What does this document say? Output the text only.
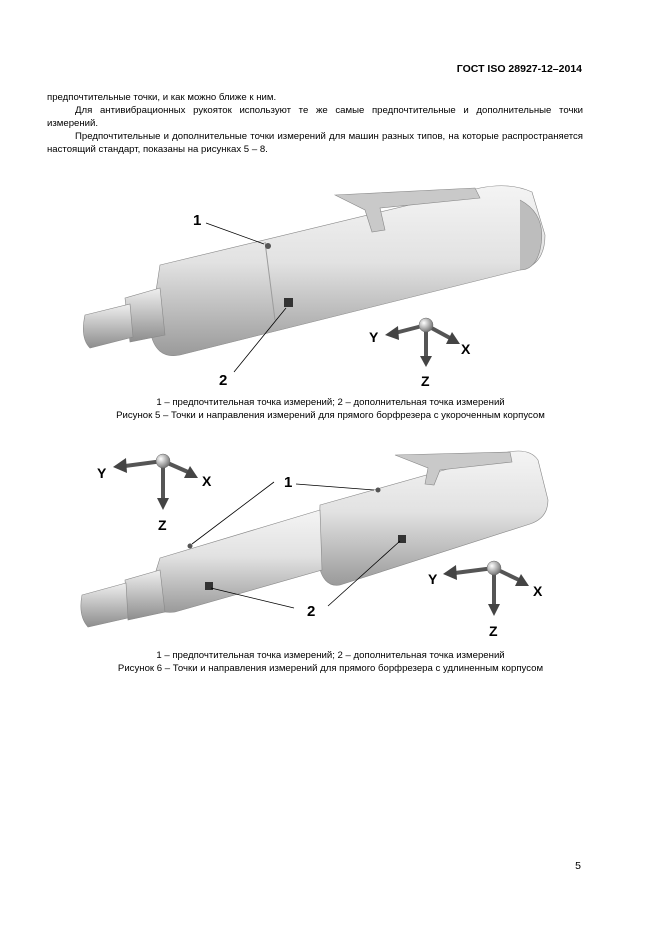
ГОСТ ISO 28927-12–2014

предпочтительные точки, и как можно ближе к ним.

Для антивибрационных рукояток используют те же самые предпочтительные и дополнительные точки измерений.

Предпочтительные и дополнительные точки измерений для машин разных типов, на которые распространяется настоящий стандарт, показаны на рисунках 5 – 8.

1
2
Y
X
Z

1 – предпочтительная точка измерений; 2 – дополнительная точка измерений

Рисунок 5 – Точки и направления измерений для прямого борфрезера с укороченным корпусом

1
2
Y	X
Z
Y
X
Z

1 – предпочтительная точка измерений; 2 – дополнительная точка измерений

Рисунок 6 – Точки и направления измерений для прямого борфрезера с удлиненным корпусом

5
